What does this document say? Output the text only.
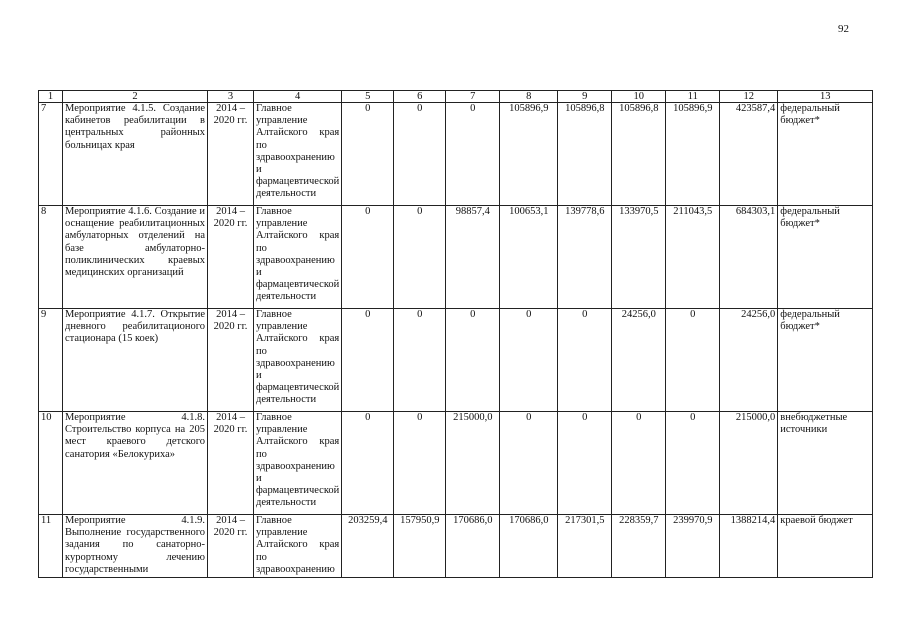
92
1	2	3	4	5	6	7	8	9	10	11	12	13
7	Мероприятие 4.1.5. Создание кабинетов реабилитации в центральных районных больницах края	2014 – 2020 гг.	Главное управление Алтайского края по здравоохранению и фармацевтической деятельности	0	0	0	105896,9	105896,8	105896,8	105896,9	423587,4	федеральный бюджет*
8	Мероприятие 4.1.6. Создание и оснащение реабилитационных амбулаторных отделений на базе амбулаторно-поликлинических краевых медицинских организаций	2014 – 2020 гг.	Главное управление Алтайского края по здравоохранению и фармацевтической деятельности	0	0	98857,4	100653,1	139778,6	133970,5	211043,5	684303,1	федеральный бюджет*
9	Мероприятие 4.1.7. Открытие дневного реабилитационого стационара (15 коек)	2014 – 2020 гг.	Главное управление Алтайского края по здравоохранению и фармацевтической деятельности	0	0	0	0	0	24256,0	0	24256,0	федеральный бюджет*
10	Мероприятие 4.1.8. Строительство корпуса на 205 мест краевого детского санатория «Белокуриха»	2014 – 2020 гг.	Главное управление Алтайского края по здравоохранению и фармацевтической деятельности	0	0	215000,0	0	0	0	0	215000,0	внебюджетные источники
11	Мероприятие 4.1.9. Выполнение государственного задания по санаторно-курортному лечению государственными	2014 – 2020 гг.	Главное управление Алтайского края по здравоохранению	203259,4	157950,9	170686,0	170686,0	217301,5	228359,7	239970,9	1388214,4	краевой бюджет
